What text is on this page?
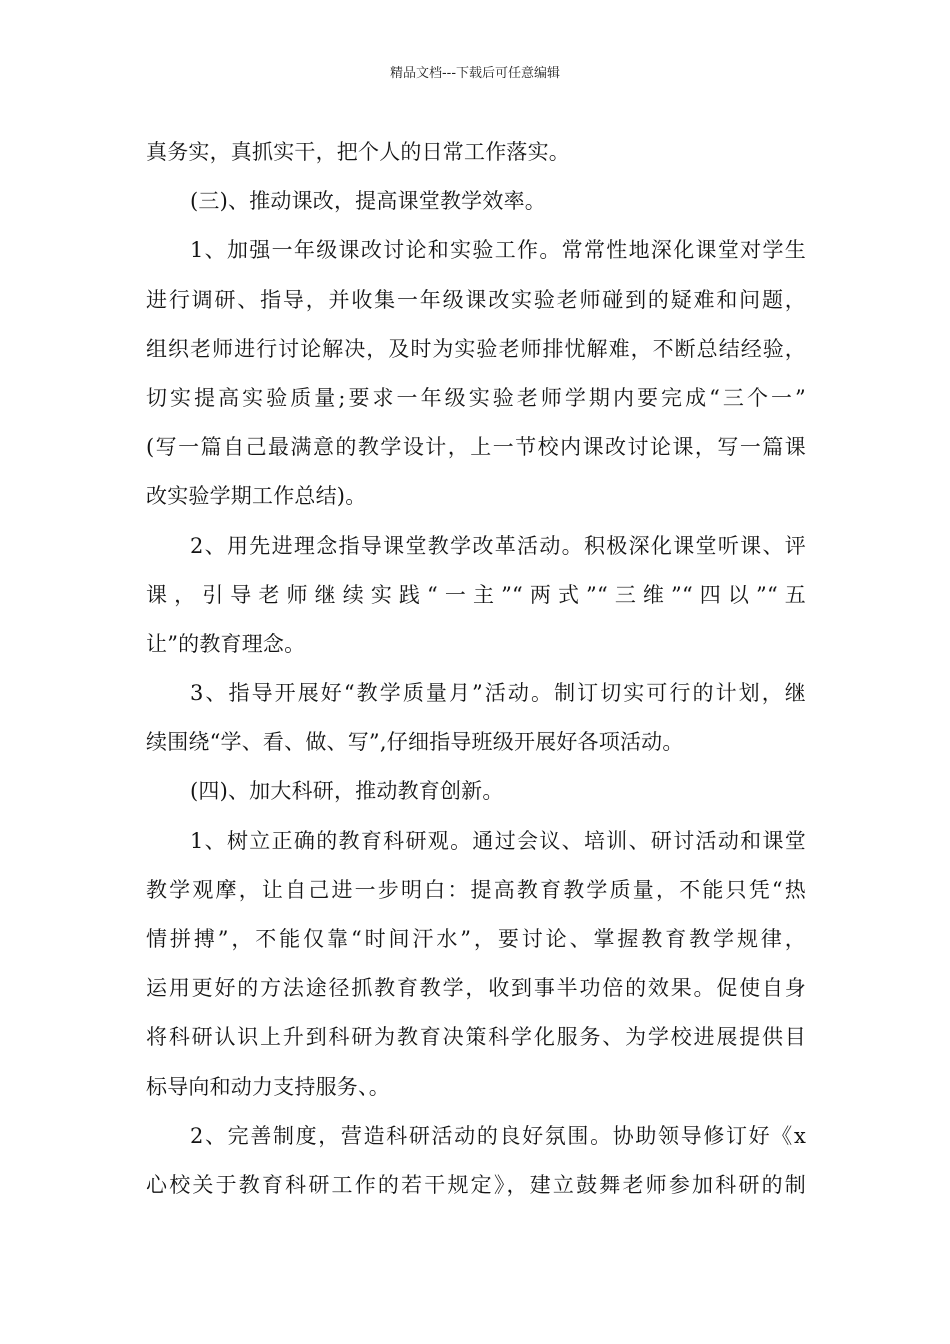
精品文档---下载后可任意编辑
真务实，真抓实干，把个人的日常工作落实。
(三)、推动课改，提高课堂教学效率。
1、加强一年级课改讨论和实验工作。常常性地深化课堂对学生
进行调研、指导，并收集一年级课改实验老师碰到的疑难和问题，
组织老师进行讨论解决，及时为实验老师排忧解难，不断总结经验，
切实提高实验质量;要求一年级实验老师学期内要完成“三个一”
(写一篇自己最满意的教学设计，上一节校内课改讨论课，写一篇课
改实验学期工作总结)。
2、用先进理念指导课堂教学改革活动。积极深化课堂听课、评
课，引导老师继续实践“一主”“两式”“三维”“四以”“五
让”的教育理念。
3、指导开展好“教学质量月”活动。制订切实可行的计划，继
续围绕“学、看、做、写”,仔细指导班级开展好各项活动。
(四)、加大科研，推动教育创新。
1、树立正确的教育科研观。通过会议、培训、研讨活动和课堂
教学观摩，让自己进一步明白：提高教育教学质量，不能只凭“热
情拼搏”，不能仅靠“时间汗水”，要讨论、掌握教育教学规律，
运用更好的方法途径抓教育教学，收到事半功倍的效果。促使自身
将科研认识上升到科研为教育决策科学化服务、为学校进展提供目
标导向和动力支持服务、。
2、完善制度，营造科研活动的良好氛围。协助领导修订好《x
心校关于教育科研工作的若干规定》，建立鼓舞老师参加科研的制
